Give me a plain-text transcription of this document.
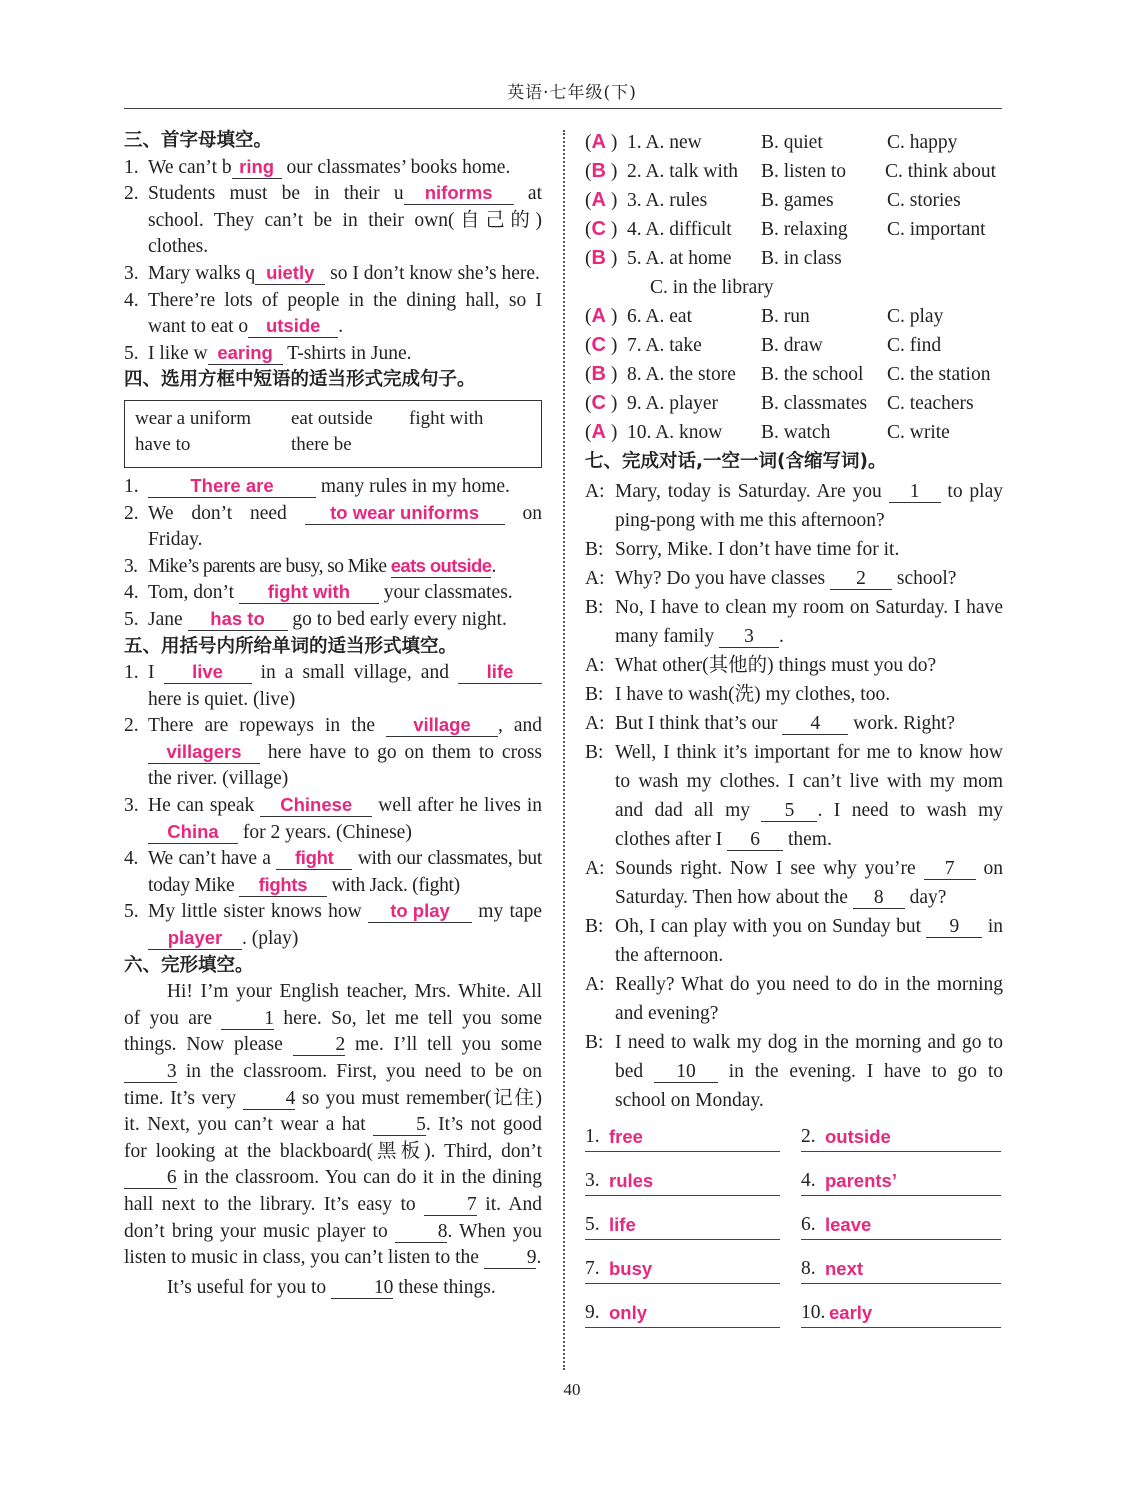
英语·七年级(下)
三、首字母填空。
1. We can’t b ring our classmates’ books home.
2. Students must be in their u niforms at school. They can’t be in their own(自己的) clothes.
3. Mary walks q uietly so I don’t know she’s here.
4. There’re lots of people in the dining hall, so I want to eat o utside .
5. I like w earing T-shirts in June.
四、选用方框中短语的适当形式完成句子。
wear a uniform eat outside fight with
have to	there be
1.	There are many rules in my home.
2. We don’t need to wear uniforms on Friday.
3. Mike’s parents are busy, so Mike eats outside.
4. Tom, don’t fight with your classmates.
5. Jane has to go to bed early every night.
五、用括号内所给单词的适当形式填空。
1. I live in a small village, and life here is quiet. (live)
2. There are ropeways in the village , and villagers here have to go on them to cross the river. (village)
3. He can speak Chinese well after he lives in China for 2 years. (Chinese)
4. We can’t have a fight with our classmates, but today Mike fights with Jack. (fight)
5. My little sister knows how to play my tape player . (play)
六、完形填空。
Hi! I’m your English teacher, Mrs. White. All of you are 1 here. So, let me tell you some things. Now please 2 me. I’ll tell you some 3 in the classroom. First, you need to be on time. It’s very 4 so you must remember(记住) it. Next, you can’t wear a hat 5. It’s not good for looking at the blackboard(黑板). Third, don’t 6 in the classroom. You can do it in the dining hall next to the library. It’s easy to 7 it. And don’t bring your music player to 8. When you listen to music in class, you can’t listen to the 9.
It’s useful for you to 10 these things.
(A ) 1. A. new	B. quiet	C. happy
(B ) 2. A. talk with B. listen to C. think about
(A ) 3. A. rules	B. games	C. stories
(C ) 4. A. difficult B. relaxing C. important
(B ) 5. A. at home B. in class
C. in the library
(A ) 6. A. eat	B. run	C. play
(C ) 7. A. take	B. draw	C. find
(B ) 8. A. the store B. the school C. the station
(C ) 9. A. player B. classmates C. teachers
(A ) 10. A. know B. watch	C. write
七、完成对话,一空一词(含缩写词)。
A: Mary, today is Saturday. Are you 1 to play ping-pong with me this afternoon?
B: Sorry, Mike. I don’t have time for it.
A: Why? Do you have classes 2 school?
B: No, I have to clean my room on Saturday. I have many family 3 .
A: What other(其他的) things must you do?
B: I have to wash(洗) my clothes, too.
A: But I think that’s our 4 work. Right?
B: Well, I think it’s important for me to know how to wash my clothes. I can’t live with my mom and dad all my 5 . I need to wash my clothes after I 6 them.
A: Sounds right. Now I see why you’re 7 on Saturday. Then how about the 8 day?
B: Oh, I can play with you on Sunday but 9 in the afternoon.
A: Really? What do you need to do in the morning and evening?
B: I need to walk my dog in the morning and go to bed 10 in the evening. I have to go to school on Monday.
1. free	2. outside
3. rules	4. parents’
5. life	6. leave
7. busy	8. next
9. only	10. early
40
